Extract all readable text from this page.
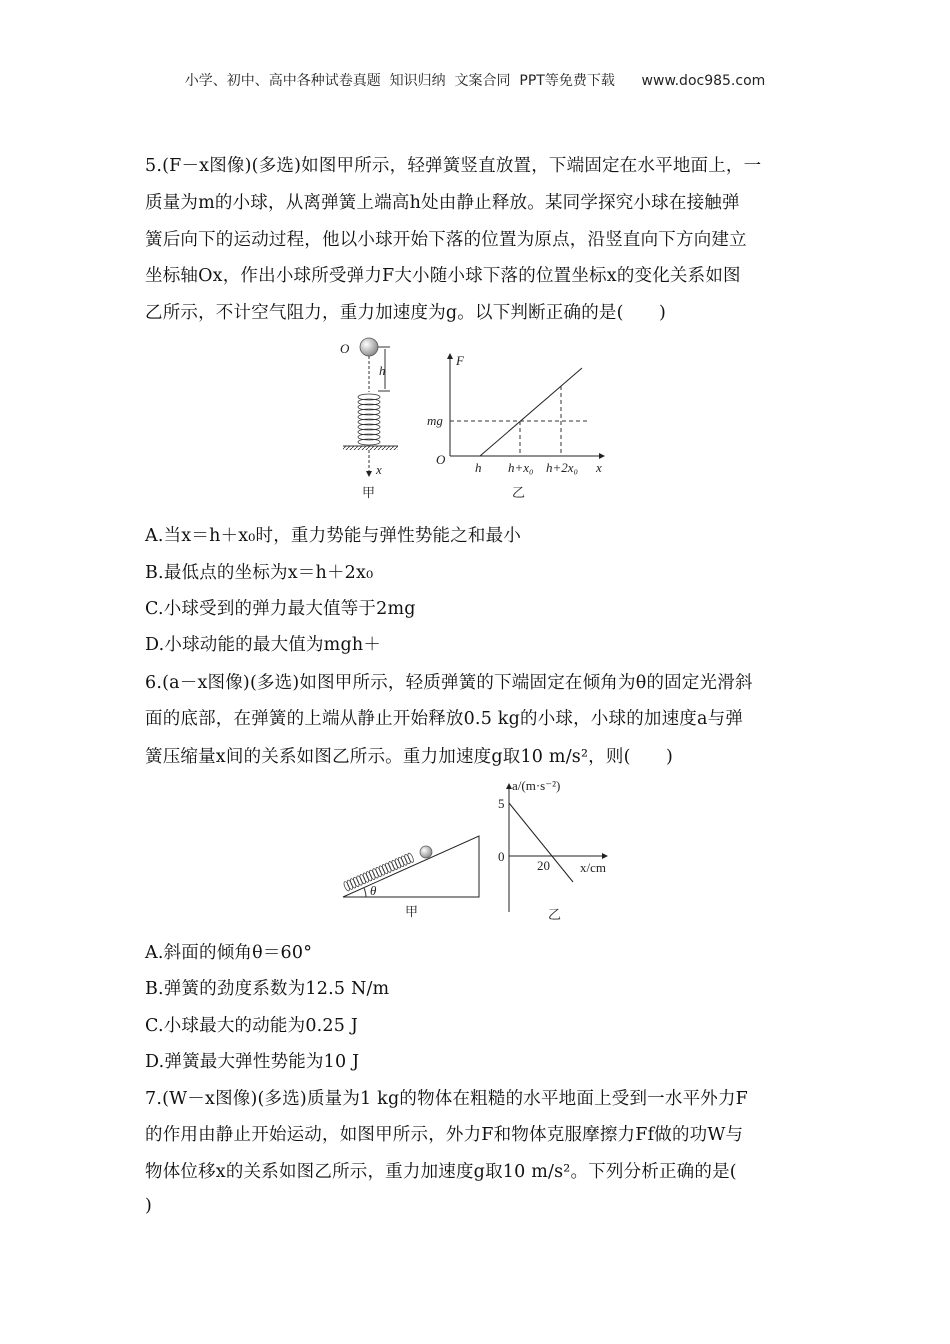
小学、初中、高中各种试卷真题  知识归纳  文案合同  PPT等免费下载      www.doc985.com
5.(F－x图像)(多选)如图甲所示，轻弹簧竖直放置，下端固定在水平地面上，一
质量为m的小球，从离弹簧上端高h处由静止释放。某同学探究小球在接触弹
簧后向下的运动过程，他以小球开始下落的位置为原点，沿竖直向下方向建立
坐标轴Ox，作出小球所受弹力F大小随小球下落的位置坐标x的变化关系如图
乙所示，不计空气阻力，重力加速度为g。以下判断正确的是(　　)
A.当x＝h＋x₀时，重力势能与弹性势能之和最小
B.最低点的坐标为x＝h＋2x₀
C.小球受到的弹力最大值等于2mg
D.小球动能的最大值为mgh＋
6.(a－x图像)(多选)如图甲所示，轻质弹簧的下端固定在倾角为θ的固定光滑斜
面的底部，在弹簧的上端从静止开始释放0.5 kg的小球，小球的加速度a与弹
簧压缩量x间的关系如图乙所示。重力加速度g取10 m/s²，则(　　)
A.斜面的倾角θ＝60°
B.弹簧的劲度系数为12.5 N/m
C.小球最大的动能为0.25 J
D.弹簧最大弹性势能为10 J
7.(W－x图像)(多选)质量为1 kg的物体在粗糙的水平地面上受到一水平外力F
的作用由静止开始运动，如图甲所示，外力F和物体克服摩擦力Ff做的功W与
物体位移x的关系如图乙所示，重力加速度g取10 m/s²。下列分析正确的是(
)
O
h
x
甲
F
mg
O
h h+x₀ h+2x₀ x
乙
θ
甲
a/(m·s⁻²)
5
0
20 x/cm
乙
